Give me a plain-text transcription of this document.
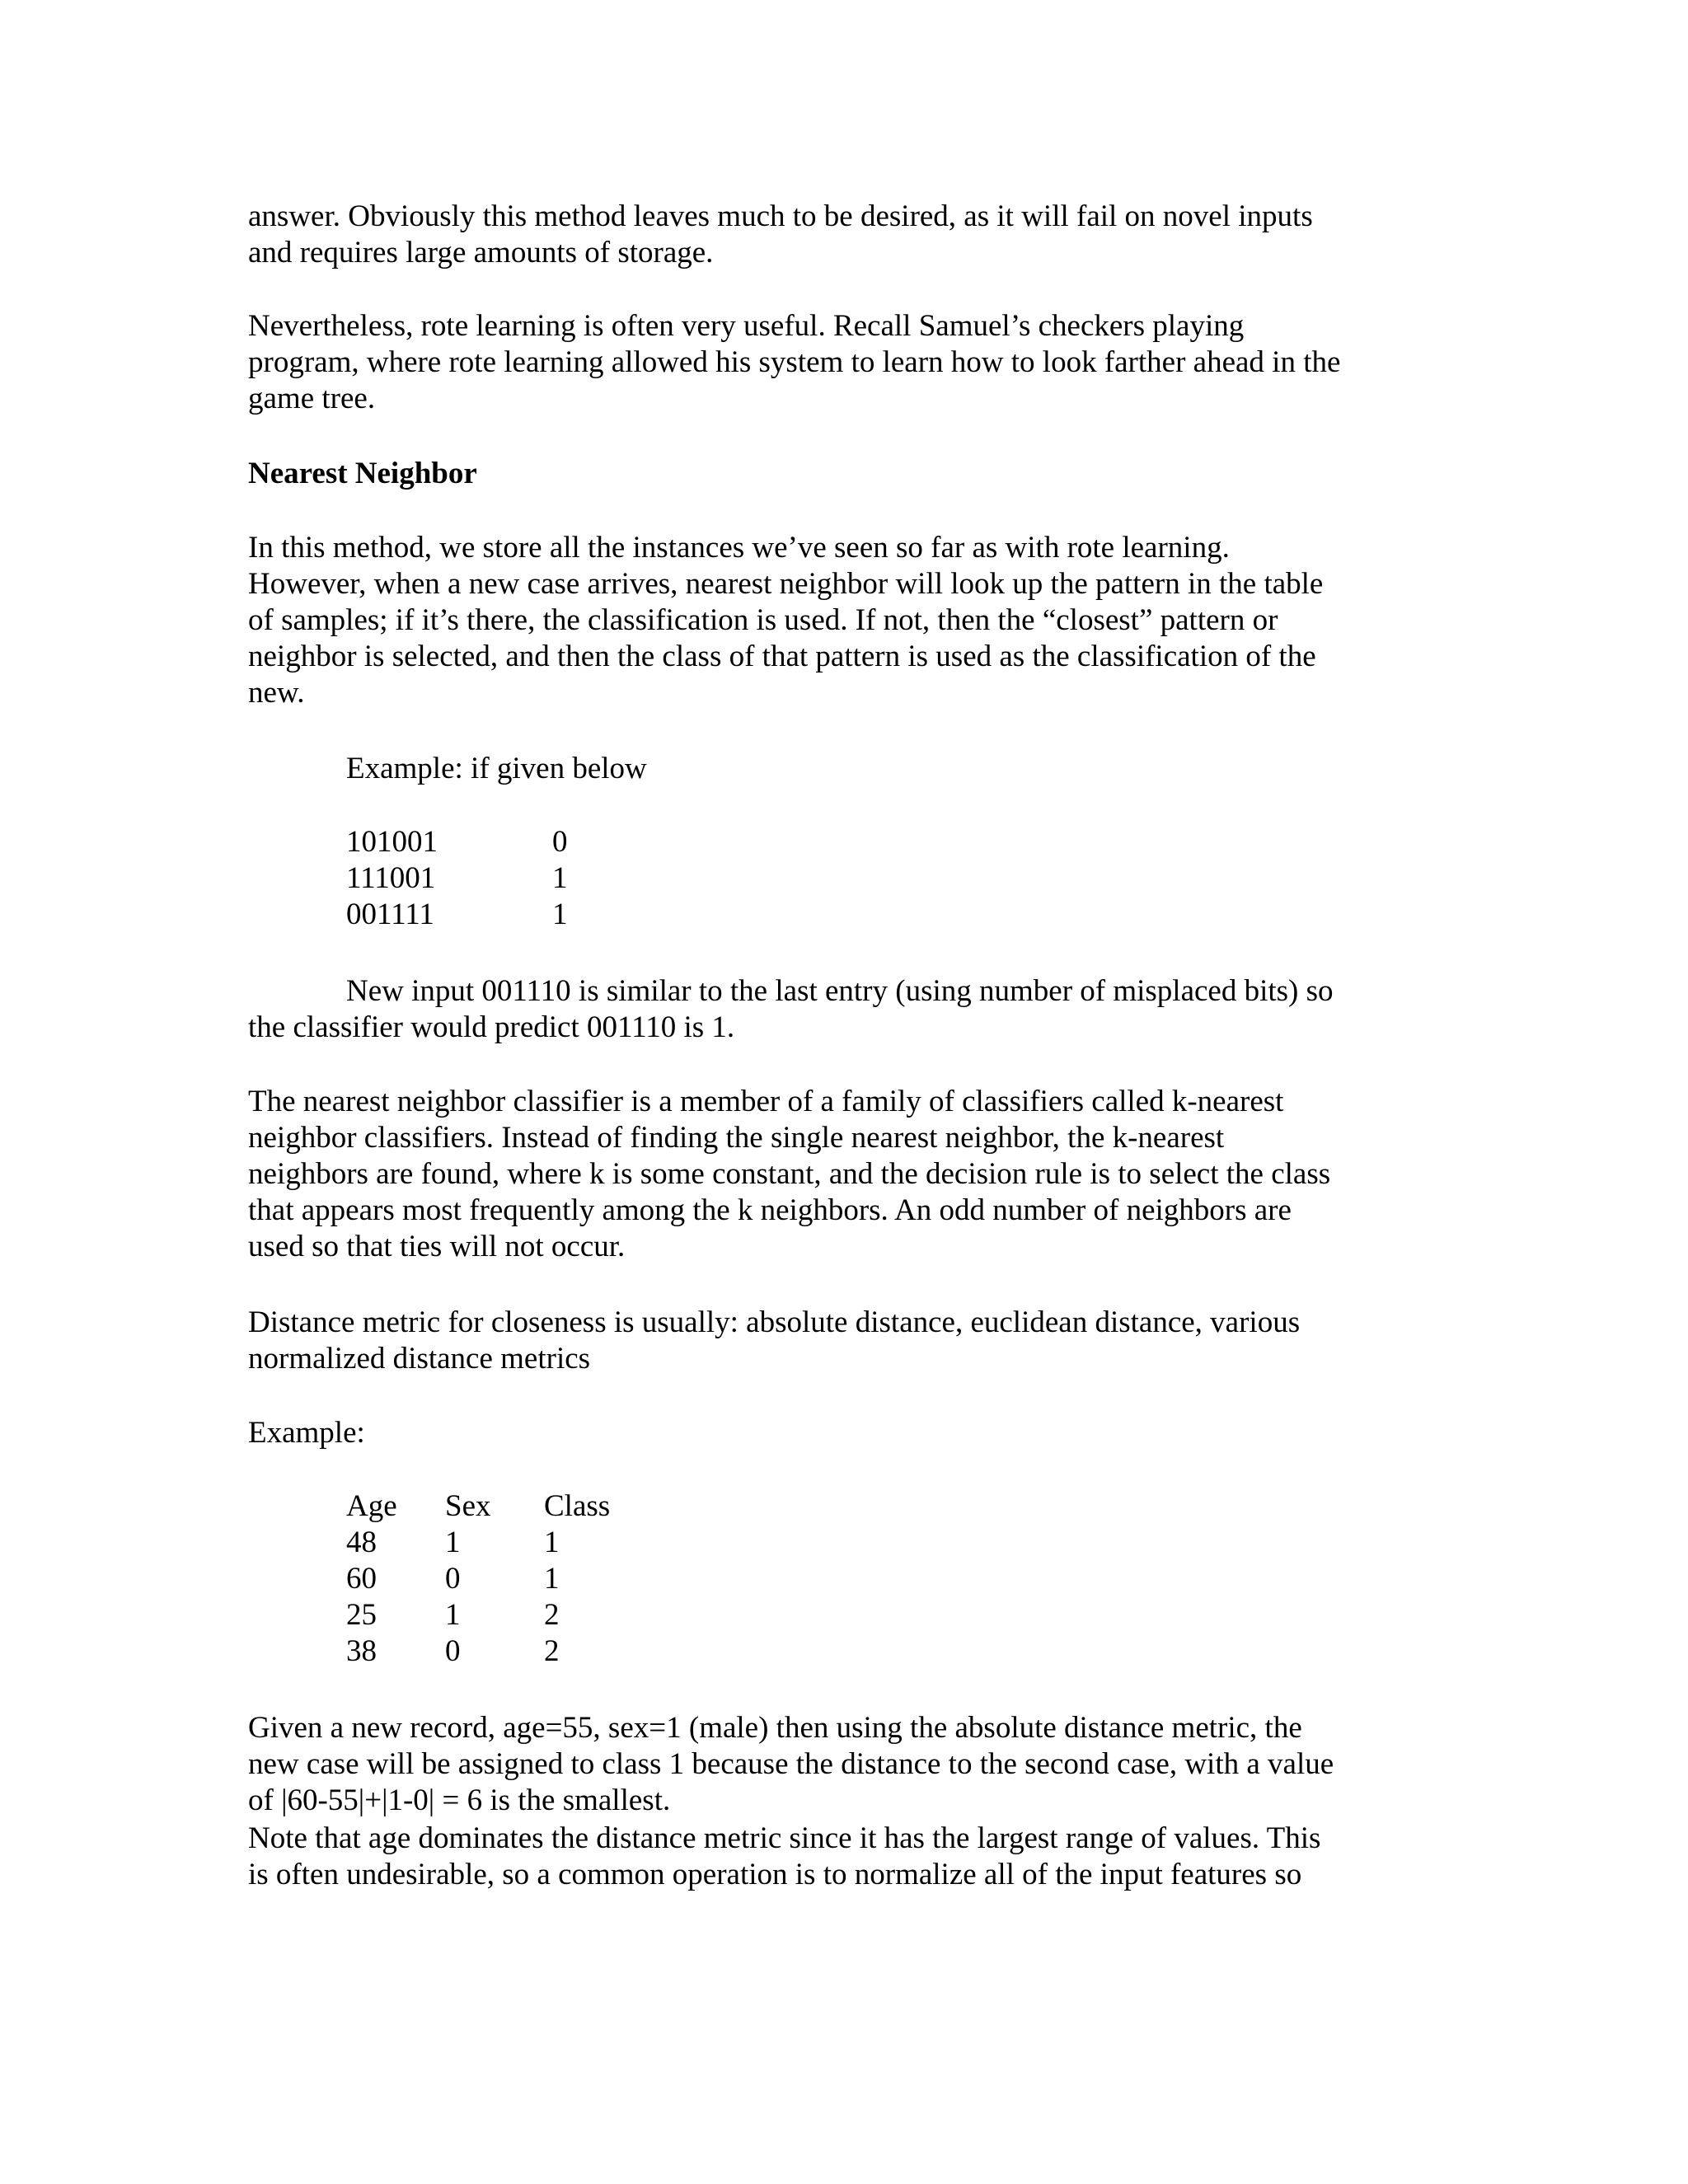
answer. Obviously this method leaves much to be desired, as it will fail on novel inputs
and requires large amounts of storage.

Nevertheless, rote learning is often very useful. Recall Samuel’s checkers playing
program, where rote learning allowed his system to learn how to look farther ahead in the
game tree.

Nearest Neighbor

In this method, we store all the instances we’ve seen so far as with rote learning.
However, when a new case arrives, nearest neighbor will look up the pattern in the table
of samples; if it’s there, the classification is used. If not, then the “closest” pattern or
neighbor is selected, and then the class of that pattern is used as the classification of the
new.

Example: if given below

101001	0
111001	1
001111	1

New input 001110 is similar to the last entry (using number of misplaced bits) so
the classifier would predict 001110 is 1.

The nearest neighbor classifier is a member of a family of classifiers called k-nearest
neighbor classifiers. Instead of finding the single nearest neighbor, the k-nearest
neighbors are found, where k is some constant, and the decision rule is to select the class
that appears most frequently among the k neighbors. An odd number of neighbors are
used so that ties will not occur.

Distance metric for closeness is usually: absolute distance, euclidean distance, various
normalized distance metrics

Example:

Age	Sex	Class
48	1	1
60	0	1
25	1	2
38	0	2

Given a new record, age=55, sex=1 (male) then using the absolute distance metric, the
new case will be assigned to class 1 because the distance to the second case, with a value
of |60-55|+|1-0| = 6 is the smallest.

Note that age dominates the distance metric since it has the largest range of values. This
is often undesirable, so a common operation is to normalize all of the input features so
